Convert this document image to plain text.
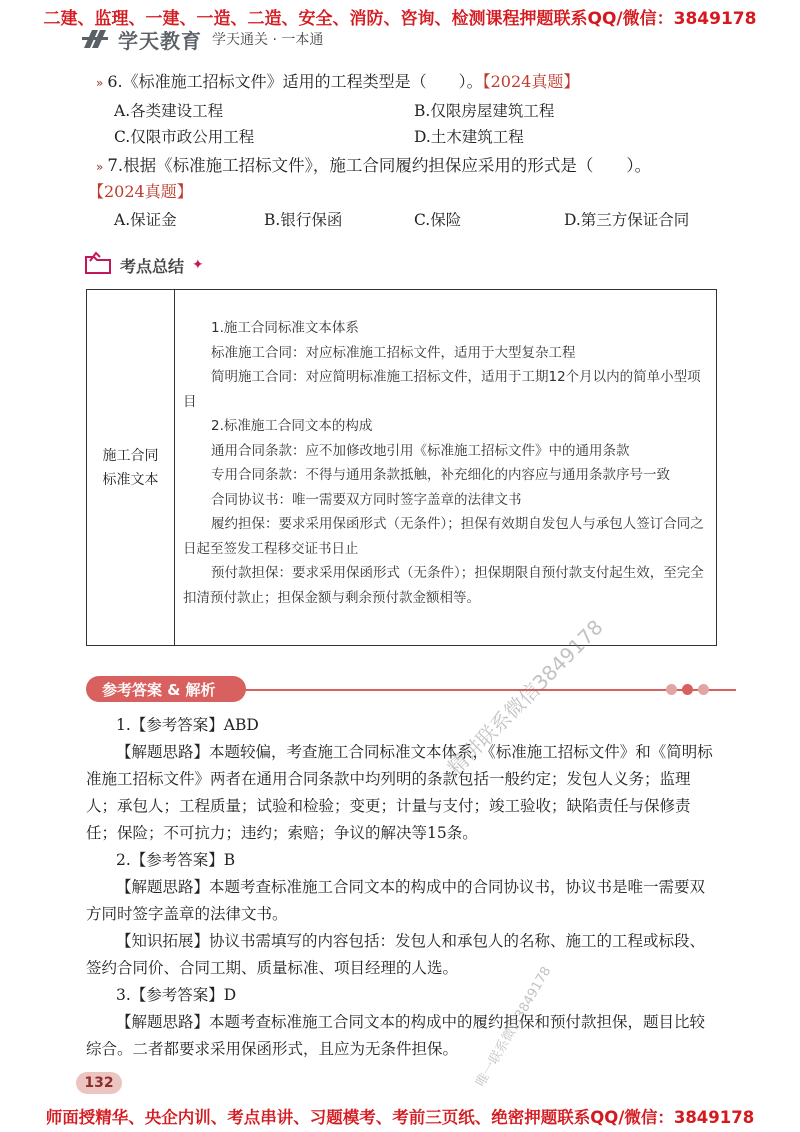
二建、监理、一建、一造、二造、安全、消防、咨询、检测课程押题联系QQ/微信：3849178
学天教育 学天通关 · 一本通
» 6.《标准施工招标文件》适用的工程类型是（　　）。【2024真题】
A.各类建设工程	B.仅限房屋建筑工程
C.仅限市政公用工程	D.土木建筑工程
» 7.根据《标准施工招标文件》，施工合同履约担保应采用的形式是（　　）。
【2024真题】
A.保证金	B.银行保函	C.保险	D.第三方保证合同
考点总结 ✦
施工合同标准文本

1.施工合同标准文本体系

标准施工合同：对应标准施工招标文件，适用于大型复杂工程

简明施工合同：对应简明标准施工招标文件，适用于工期12个月以内的简单小型项目

2.标准施工合同文本的构成

通用合同条款：应不加修改地引用《标准施工招标文件》中的通用条款

专用合同条款：不得与通用条款抵触，补充细化的内容应与通用条款序号一致

合同协议书：唯一需要双方同时签字盖章的法律文书

履约担保：要求采用保函形式（无条件）；担保有效期自发包人与承包人签订合同之日起至签发工程移交证书日止

预付款担保：要求采用保函形式（无条件）；担保期限自预付款支付起生效，至完全扣清预付款止；担保金额与剩余预付款金额相等。

参考答案 & 解析

1.【参考答案】ABD

【解题思路】本题较偏，考查施工合同标准文本体系，《标准施工招标文件》和《简明标准施工招标文件》两者在通用合同条款中均列明的条款包括一般约定；发包人义务；监理人；承包人；工程质量；试验和检验；变更；计量与支付；竣工验收；缺陷责任与保修责任；保险；不可抗力；违约；索赔；争议的解决等15条。

2.【参考答案】B

【解题思路】本题考查标准施工合同文本的构成中的合同协议书，协议书是唯一需要双方同时签字盖章的法律文书。

【知识拓展】协议书需填写的内容包括：发包人和承包人的名称、施工的工程或标段、签约合同价、合同工期、质量标准、项目经理的人选。

3.【参考答案】D

【解题思路】本题考查标准施工合同文本的构成中的履约担保和预付款担保，题目比较综合。二者都要求采用保函形式，且应为无条件担保。

精讲联系微信3849178
唯一联系微信3849178
132
师面授精华、央企内训、考点串讲、习题模考、考前三页纸、绝密押题联系QQ/微信：3849178
